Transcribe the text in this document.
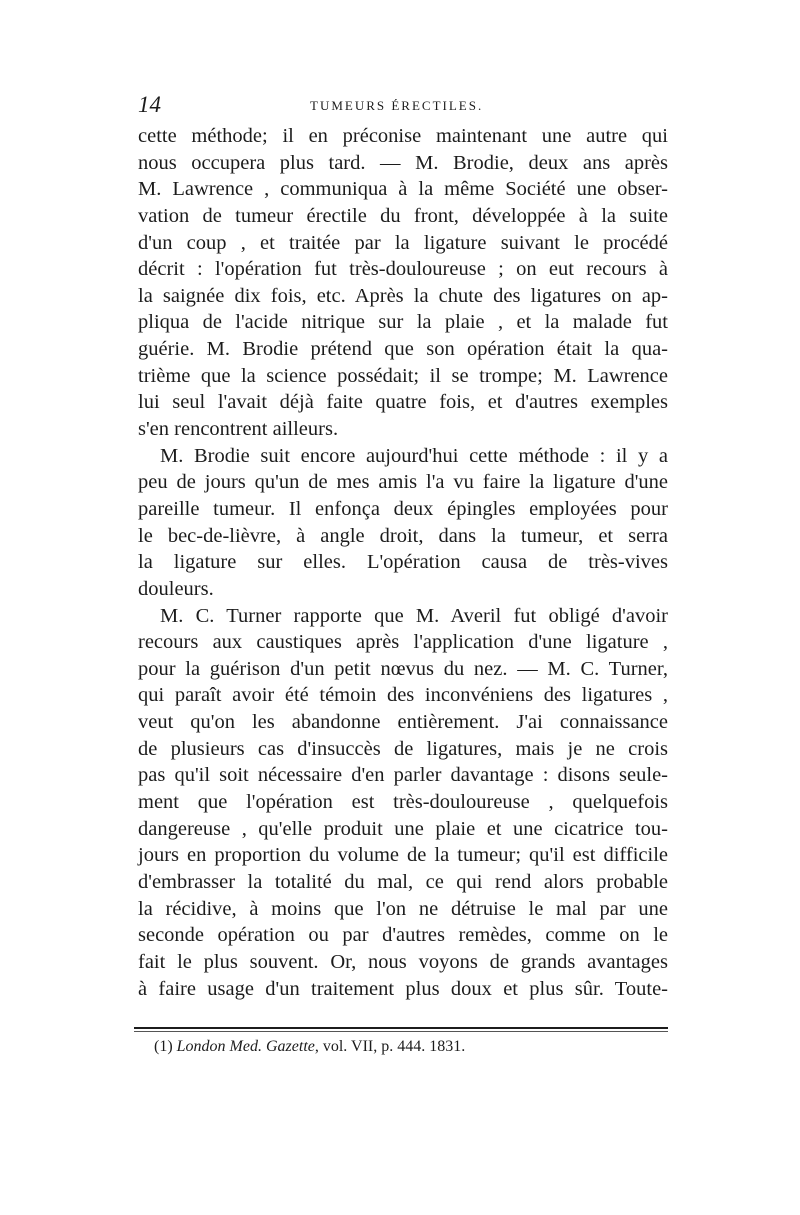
14	TUMEURS ÉRECTILES.
cette méthode; il en préconise maintenant une autre qui
nous occupera plus tard. — M. Brodie, deux ans après
M. Lawrence , communiqua à la même Société une obser-
vation de tumeur érectile du front, développée à la suite
d'un coup , et traitée par la ligature suivant le procédé
décrit : l'opération fut très-douloureuse ; on eut recours à
la saignée dix fois, etc. Après la chute des ligatures on ap-
pliqua de l'acide nitrique sur la plaie , et la malade fut
guérie. M. Brodie prétend que son opération était la qua-
trième que la science possédait; il se trompe; M. Lawrence
lui seul l'avait déjà faite quatre fois, et d'autres exemples
s'en rencontrent ailleurs.
M. Brodie suit encore aujourd'hui cette méthode : il y a
peu de jours qu'un de mes amis l'a vu faire la ligature d'une
pareille tumeur. Il enfonça deux épingles employées pour
le bec-de-lièvre, à angle droit, dans la tumeur, et serra
la ligature sur elles. L'opération causa de très-vives
douleurs.
M. C. Turner rapporte que M. Averil fut obligé d'avoir
recours aux caustiques après l'application d'une ligature ,
pour la guérison d'un petit nœvus du nez. — M. C. Turner,
qui paraît avoir été témoin des inconvéniens des ligatures ,
veut qu'on les abandonne entièrement. J'ai connaissance
de plusieurs cas d'insuccès de ligatures, mais je ne crois
pas qu'il soit nécessaire d'en parler davantage : disons seule-
ment que l'opération est très-douloureuse , quelquefois
dangereuse , qu'elle produit une plaie et une cicatrice tou-
jours en proportion du volume de la tumeur; qu'il est difficile
d'embrasser la totalité du mal, ce qui rend alors probable
la récidive, à moins que l'on ne détruise le mal par une
seconde opération ou par d'autres remèdes, comme on le
fait le plus souvent. Or, nous voyons de grands avantages
à faire usage d'un traitement plus doux et plus sûr. Toute-
(1) London Med. Gazette, vol. VII, p. 444. 1831.
